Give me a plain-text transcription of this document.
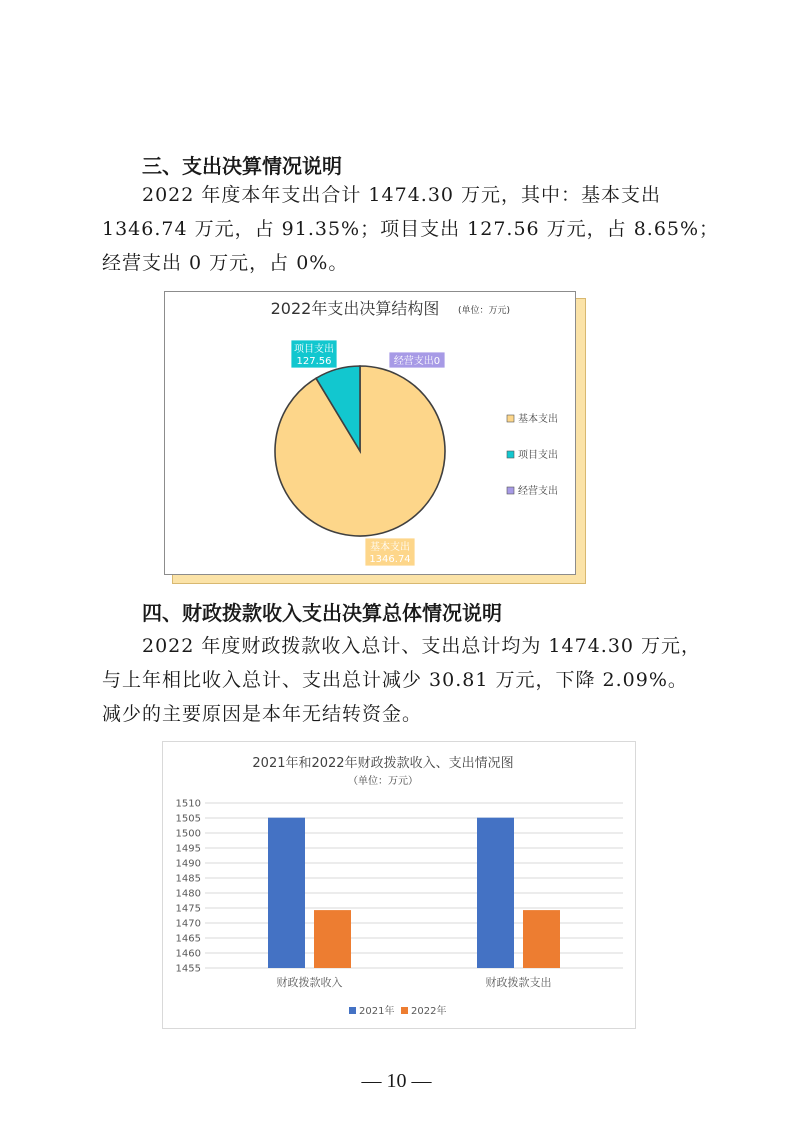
三、支出决算情况说明
2022 年度本年支出合计 1474.30 万元，其中：基本支出
1346.74 万元，占 91.35%；项目支出 127.56 万元，占 8.65%；
经营支出 0 万元，占 0%。
2022年支出决算结构图 (单位：万元)
基本支出
1346.74
项目支出
127.56	经营支出0
基本支出
项目支出
经营支出
四、财政拨款收入支出决算总体情况说明
2022 年度财政拨款收入总计、支出总计均为 1474.30 万元，
与上年相比收入总计、支出总计减少 30.81 万元，下降 2.09%。
减少的主要原因是本年无结转资金。
2021年和2022年财政拨款收入、支出情况图
（单位：万元）
1455
1460
1465
1470
1475
1480
1485
1490
1495
1500
1505
1510
财政拨款收入	财政拨款支出
2021年 2022年
— 10 —
